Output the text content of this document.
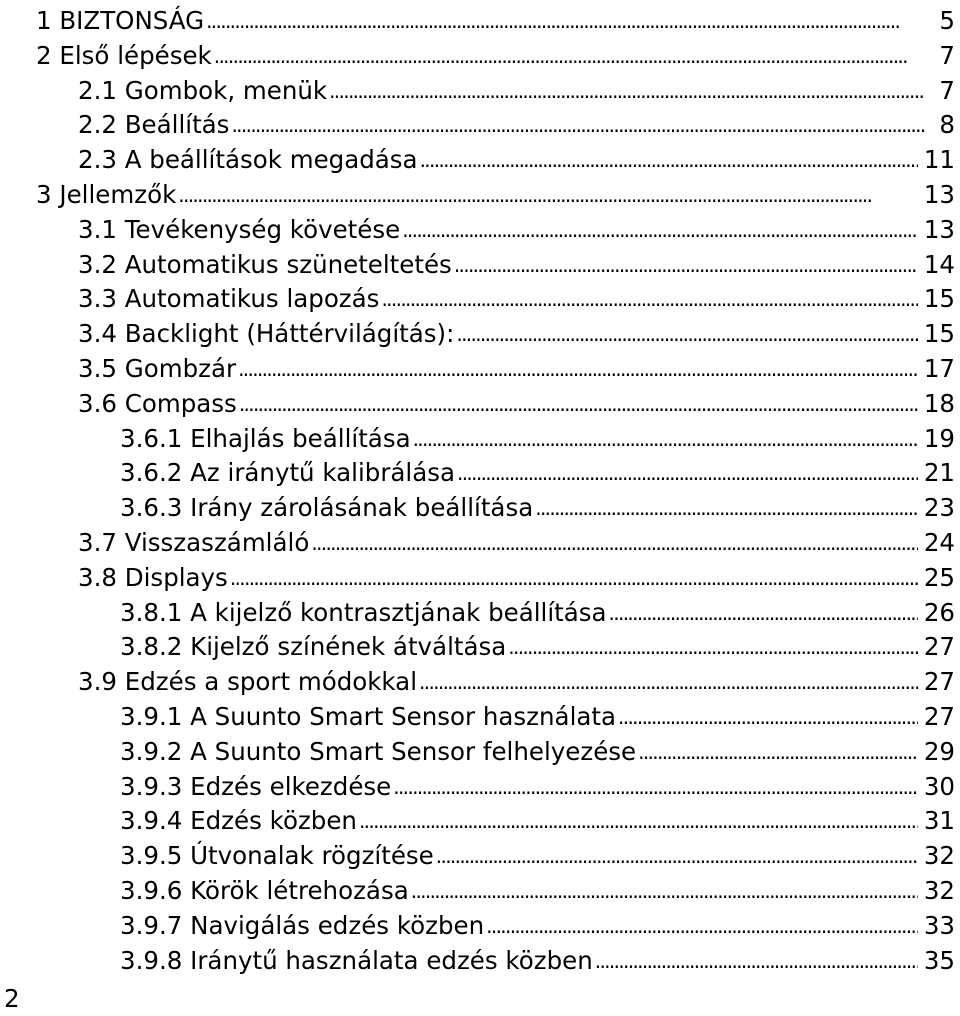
1 BIZTONSÁG . . .	5
2 Első lépések . . .	7
2.1 Gombok, menük . . .	7
2.2 Beállítás . . .	8
2.3 A beállítások megadása . . .	11
3 Jellemzők . . .	13
3.1 Tevékenység követése . . .	13
3.2 Automatikus szüneteltetés . . .	14
3.3 Automatikus lapozás . . .	15
3.4 Backlight (Háttérvilágítás): . . .	15
3.5 Gombzár . . .	17
3.6 Compass . . .	18
3.6.1 Elhajlás beállítása . . .	19
3.6.2 Az iránytű kalibrálása . . .	21
3.6.3 Irány zárolásának beállítása . . .	23
3.7 Visszaszámláló . . .	24
3.8 Displays . . .	25
3.8.1 A kijelző kontrasztjának beállítása . . .	26
3.8.2 Kijelző színének átváltása . . .	27
3.9 Edzés a sport módokkal . . .	27
3.9.1 A Suunto Smart Sensor használata . . .	27
3.9.2 A Suunto Smart Sensor felhelyezése . . .	29
3.9.3 Edzés elkezdése . . .	30
3.9.4 Edzés közben . . .	31
3.9.5 Útvonalak rögzítése . . .	32
3.9.6 Körök létrehozása . . .	32
3.9.7 Navigálás edzés közben . . .	33
3.9.8 Iránytű használata edzés közben . . .	35
2
